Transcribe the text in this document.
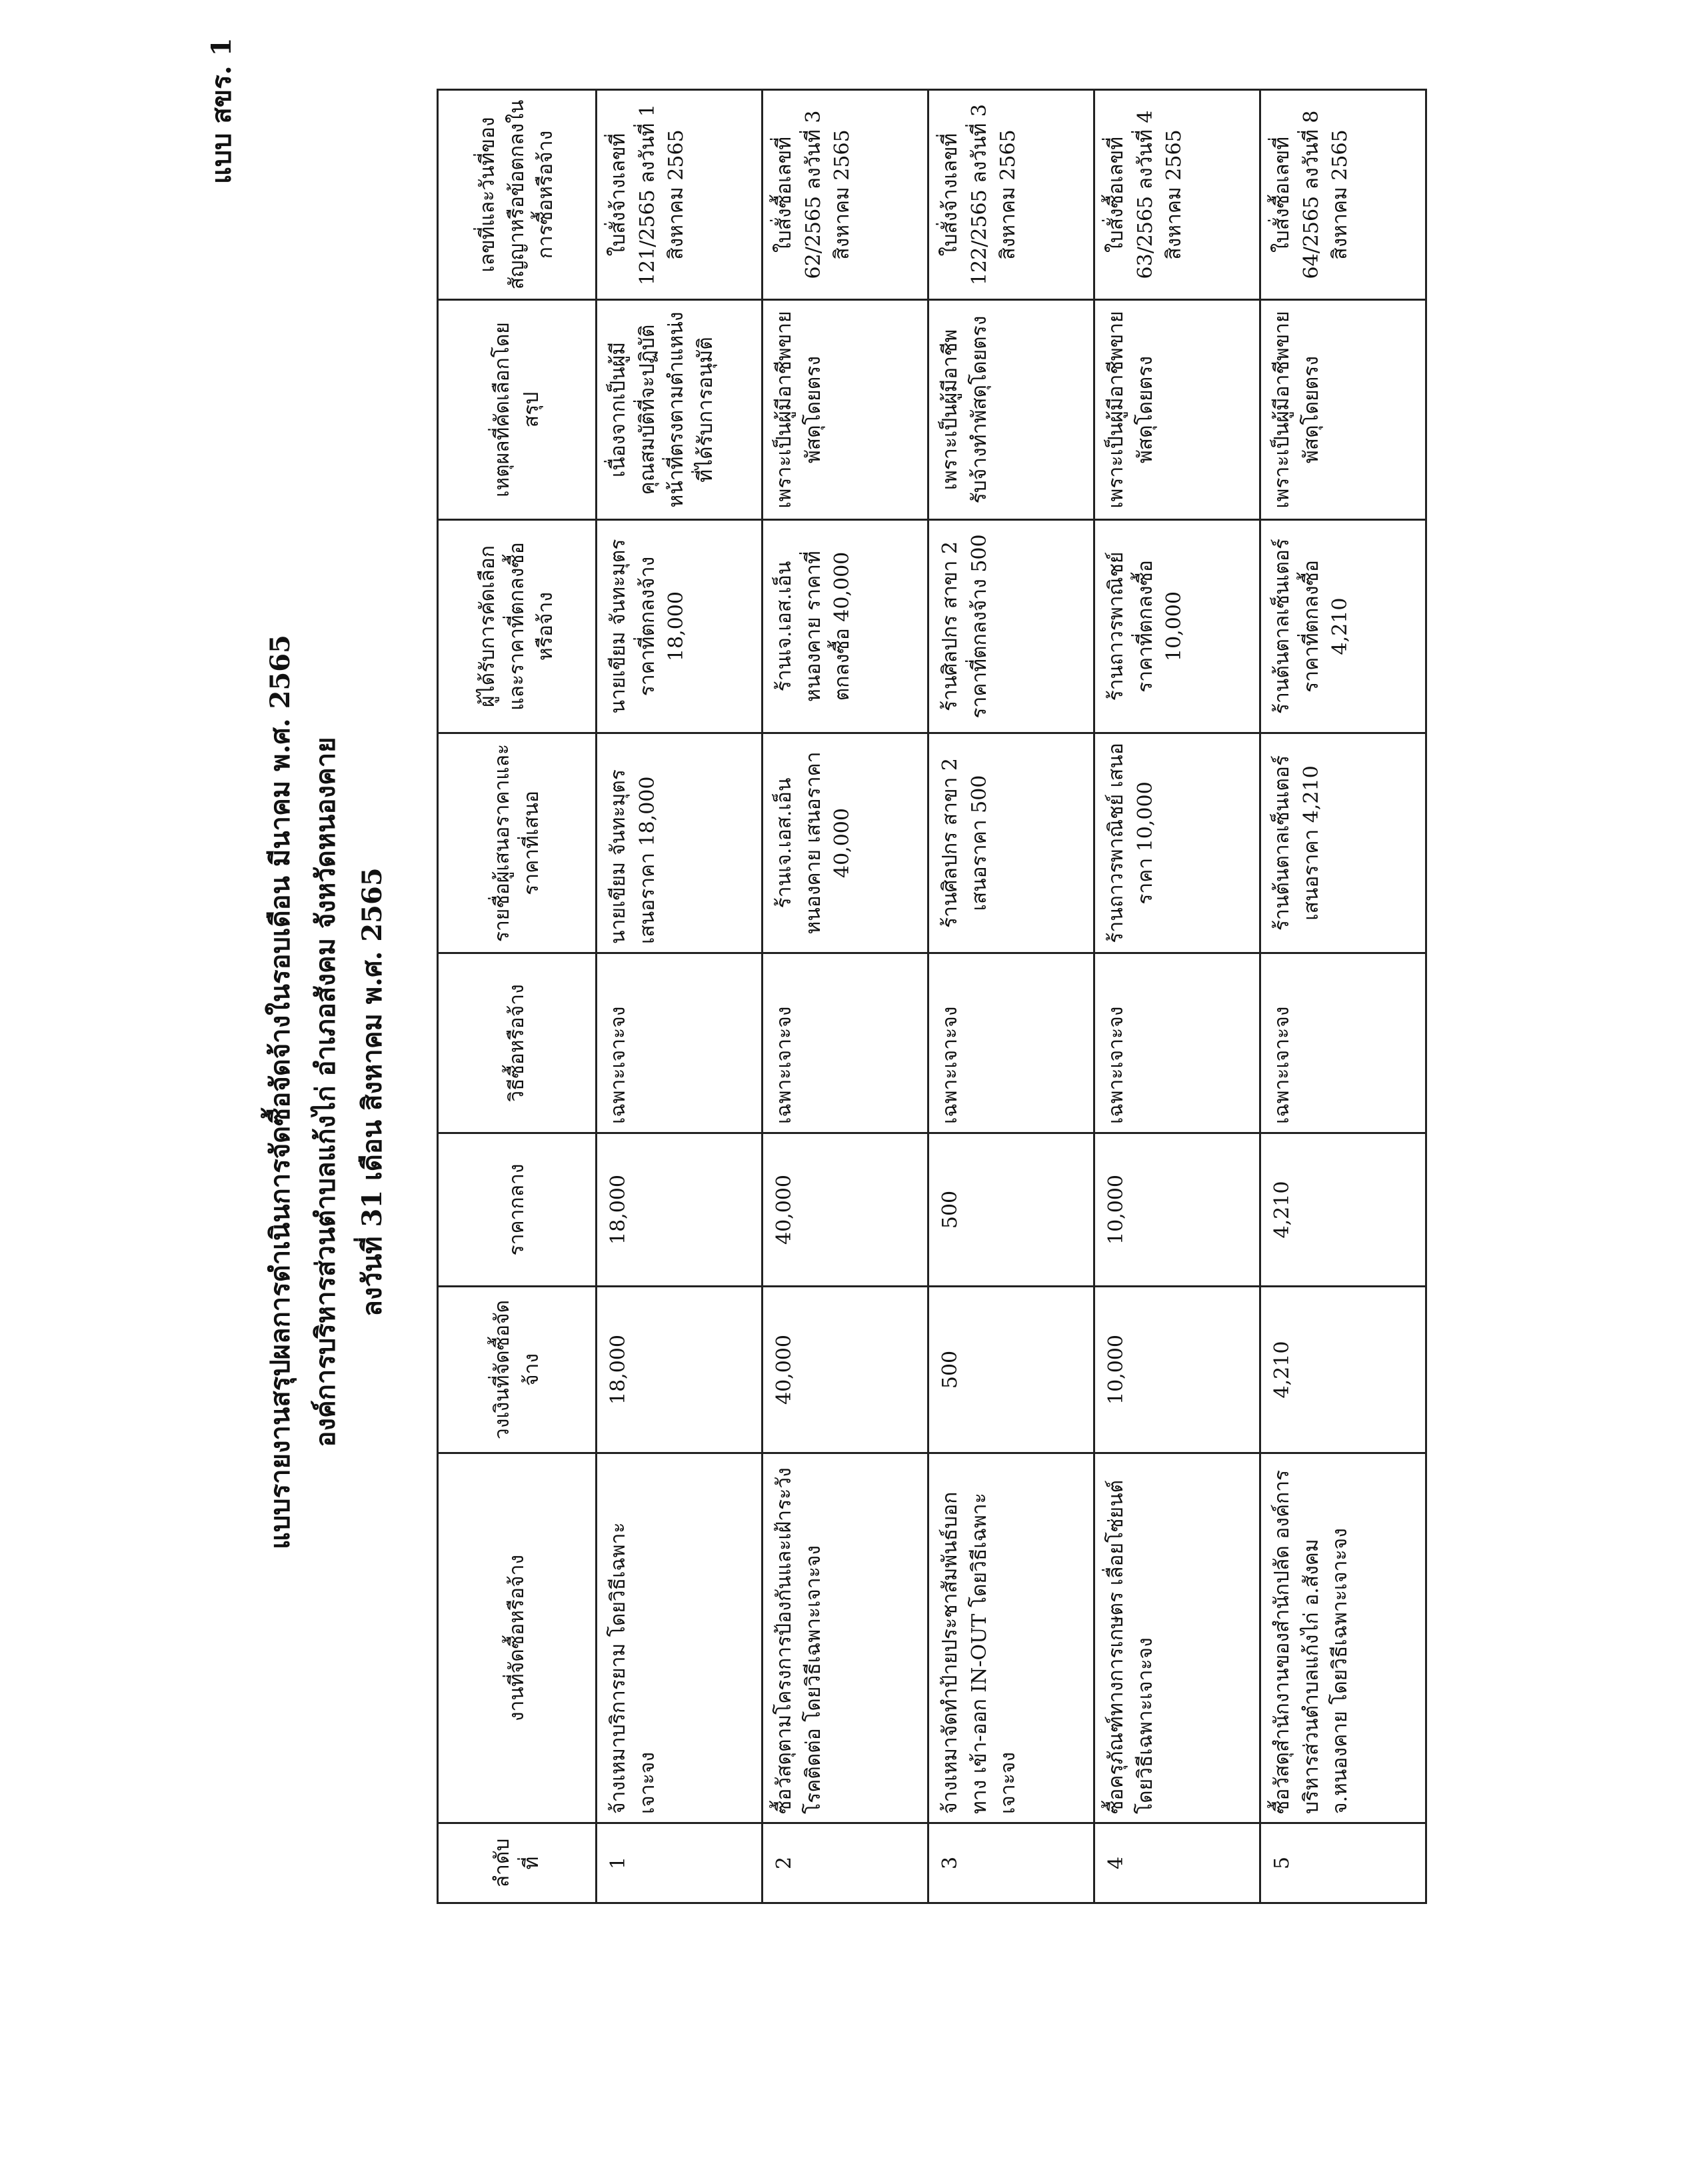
แบบ สขร. 1
แบบรายงานสรุปผลการดำเนินการจัดซื้อจัดจ้างในรอบเดือน มีนาคม พ.ศ. 2565 องค์การบริหารส่วนตำบลแก้งไก่ อำเภอสังคม จังหวัดหนองคาย ลงวันที่ 31 เดือน สิงหาคม พ.ศ. 2565
ลำดับที่	งานที่จัดซื้อหรือจ้าง	วงเงินที่จัดซื้อจัดจ้าง	ราคากลาง	วิธีซื้อหรือจ้าง	รายชื่อผู้เสนอราคาและราคาที่เสนอ	ผู้ได้รับการคัดเลือกและราคาที่ตกลงซื้อหรือจ้าง	เหตุผลที่คัดเลือกโดยสรุป	เลขที่และวันที่ของสัญญาหรือข้อตกลงในการซื้อหรือจ้าง
1	จ้างเหมาบริการยาม โดยวิธีเฉพาะเจาะจง	18,000	18,000	เฉพาะเจาะจง	นายเขียม จันทะมุตร เสนอราคา 18,000	นายเขียม จันทะมุตร ราคาที่ตกลงจ้าง 18,000	เนื่องจากเป็นผู้มีคุณสมบัติที่จะปฏิบัติหน้าที่ตรงตามตำแหน่งที่ได้รับการอนุมัติ	ใบสั่งจ้างเลขที่ 121/2565 ลงวันที่ 1 สิงหาคม 2565
2	ซื้อวัสดุตามโครงการป้องกันและเฝ้าระวังโรคติดต่อ โดยวิธีเฉพาะเจาะจง	40,000	40,000	เฉพาะเจาะจง	ร้านเจ.เอส.เอ็น หนองคาย เสนอราคา 40,000	ร้านเจ.เอส.เอ็น หนองคาย ราคาที่ตกลงซื้อ 40,000	เพราะเป็นผู้มีอาชีพขายพัสดุโดยตรง	ใบสั่งซื้อเลขที่ 62/2565 ลงวันที่ 3 สิงหาคม 2565
3	จ้างเหมาจัดทำป้ายประชาสัมพันธ์บอกทาง เข้า-ออก IN-OUT โดยวิธีเฉพาะเจาะจง	500	500	เฉพาะเจาะจง	ร้านศิลปกร สาขา 2 เสนอราคา 500	ร้านศิลปกร สาขา 2 ราคาที่ตกลงจ้าง 500	เพราะเป็นผู้มีอาชีพรับจ้างทำพัสดุโดยตรง	ใบสั่งจ้างเลขที่ 122/2565 ลงวันที่ 3 สิงหาคม 2565
4	ซื้อครุภัณฑ์ทางการเกษตร เลื่อยโซ่ยนต์ โดยวิธีเฉพาะเจาะจง	10,000	10,000	เฉพาะเจาะจง	ร้านถาวรพาณิชย์ เสนอราคา 10,000	ร้านถาวรพาณิชย์ ราคาที่ตกลงซื้อ 10,000	เพราะเป็นผู้มีอาชีพขายพัสดุโดยตรง	ใบสั่งซื้อเลขที่ 63/2565 ลงวันที่ 4 สิงหาคม 2565
5	ซื้อวัสดุสำนักงานของสำนักปลัด องค์การบริหารส่วนตำบลแก้งไก่ อ.สังคม จ.หนองคาย โดยวิธีเฉพาะเจาะจง	4,210	4,210	เฉพาะเจาะจง	ร้านต้นตาลเซ็นเตอร์ เสนอราคา 4,210	ร้านต้นตาลเซ็นเตอร์ ราคาที่ตกลงซื้อ 4,210	เพราะเป็นผู้มีอาชีพขายพัสดุโดยตรง	ใบสั่งซื้อเลขที่ 64/2565 ลงวันที่ 8 สิงหาคม 2565
